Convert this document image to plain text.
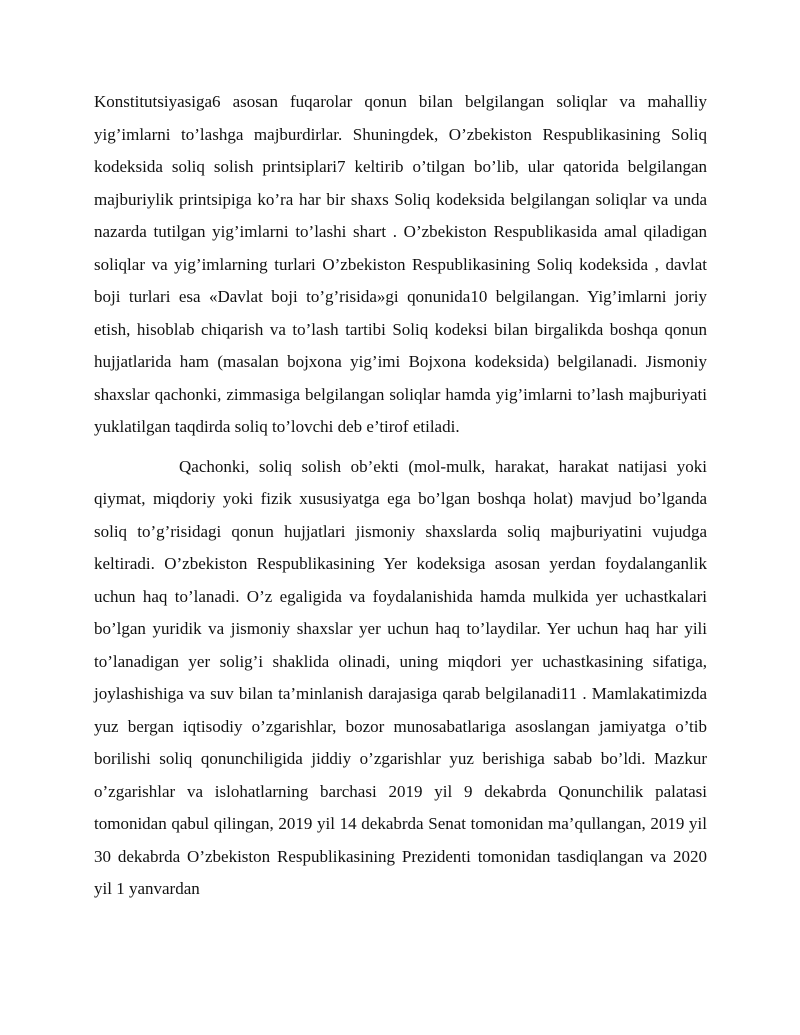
Konstitutsiyasiga6 asosan fuqarolar qonun bilan belgilangan soliqlar va mahalliy yig’imlarni to’lashga majburdirlar. Shuningdek, O’zbekiston Respublikasining Soliq kodeksida soliq solish printsiplari7 keltirib o’tilgan bo’lib, ular qatorida belgilangan majburiylik printsipiga ko’ra har bir shaxs Soliq kodeksida belgilangan soliqlar va unda nazarda tutilgan yig’imlarni to’lashi shart . O’zbekiston Respublikasida amal qiladigan soliqlar va yig’imlarning turlari O’zbekiston Respublikasining Soliq kodeksida , davlat boji turlari esa «Davlat boji to’g’risida»gi qonunida10 belgilangan. Yig’imlarni joriy etish, hisoblab chiqarish va to’lash tartibi Soliq kodeksi bilan birgalikda boshqa qonun hujjatlarida ham (masalan bojxona yig’imi Bojxona kodeksida) belgilanadi. Jismoniy shaxslar qachonki, zimmasiga belgilangan soliqlar hamda yig’imlarni to’lash majburiyati yuklatilgan taqdirda soliq to’lovchi deb e’tirof etiladi.

Qachonki, soliq solish ob’ekti (mol-mulk, harakat, harakat natijasi yoki qiymat, miqdoriy yoki fizik xususiyatga ega bo’lgan boshqa holat) mavjud bo’lganda soliq to’g’risidagi qonun hujjatlari jismoniy shaxslarda soliq majburiyatini vujudga keltiradi. O’zbekiston Respublikasining Yer kodeksiga asosan yerdan foydalanganlik uchun haq to’lanadi. O’z egaligida va foydalanishida hamda mulkida yer uchastkalari bo’lgan yuridik va jismoniy shaxslar yer uchun haq to’laydilar. Yer uchun haq har yili to’lanadigan yer solig’i shaklida olinadi, uning miqdori yer uchastkasining sifatiga, joylashishiga va suv bilan ta’minlanish darajasiga qarab belgilanadi11 . Mamlakatimizda yuz bergan iqtisodiy o’zgarishlar, bozor munosabatlariga asoslangan jamiyatga o’tib borilishi soliq qonunchiligida jiddiy o’zgarishlar yuz berishiga sabab bo’ldi. Mazkur o’zgarishlar va islohatlarning barchasi 2019 yil 9 dekabrda Qonunchilik palatasi tomonidan qabul qilingan, 2019 yil 14 dekabrda Senat tomonidan ma’qullangan, 2019 yil 30 dekabrda O’zbekiston Respublikasining Prezidenti tomonidan tasdiqlangan va 2020 yil 1 yanvardan
